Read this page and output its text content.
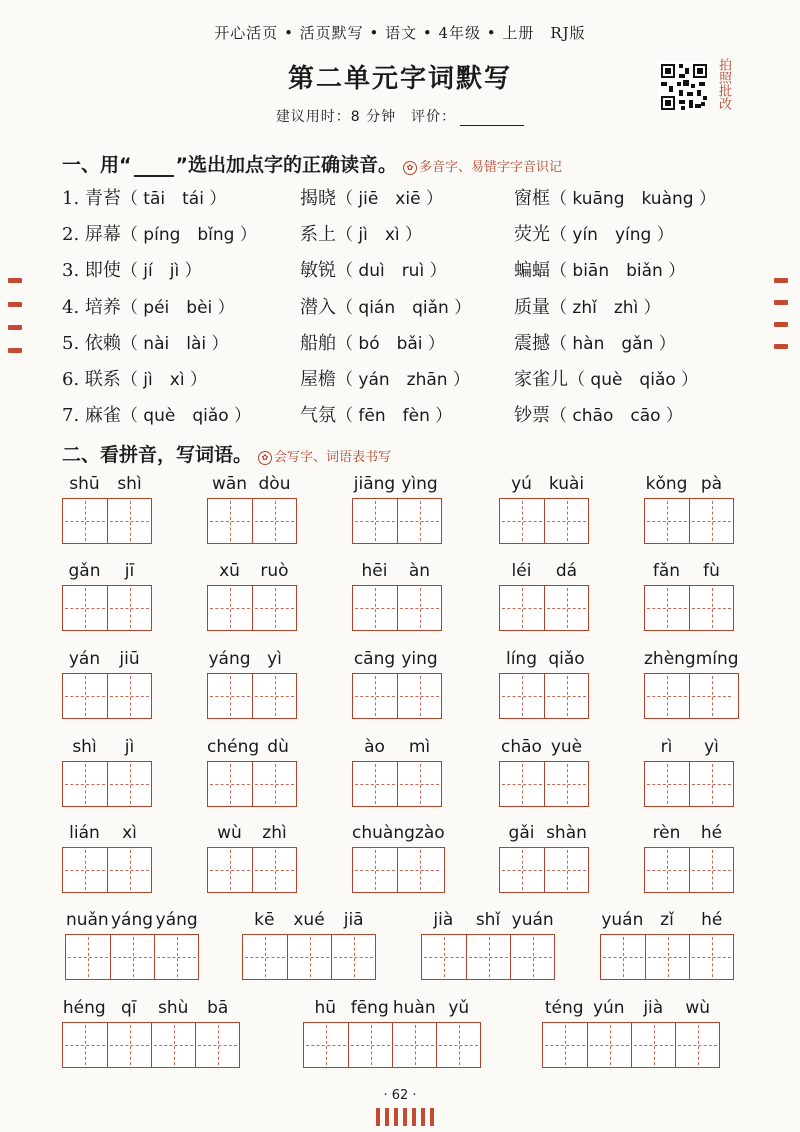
开心活页 • 活页默写 • 语文 • 4年级 • 上册　RJ版
第二单元字词默写
建议用时：8 分钟　评价：
拍照批改
一、用“ ”选出加点字的正确读音。 ✿ 多音字、易错字字音识记
1. 青苔（ tāi　tái ）	揭晓（ jiē　xiē ）	窗框（ kuāng　kuàng ）
2. 屏幕（ píng　bǐng ） 系上（ jì　xì ）	荧光（ yín　yíng ）
3. 即使（ jí　jì ）	敏锐（ duì　ruì ）	蝙蝠（ biān　biǎn ）
4. 培养（ péi　bèi ）	潜入（ qián　qiǎn ） 质量（ zhǐ　zhì ）
5. 依赖（ nài　lài ）	船舶（ bó　bǎi ）	震撼（ hàn　gǎn ）
6. 联系（ jì　xì ）	屋檐（ yán　zhān ） 家雀儿（ què　qiǎo ）
7. 麻雀（ què　qiǎo ）	气氛（ fēn　fèn ）	钞票（ chāo　cāo ）
二、看拼音，写词语。 ✿ 会写字、词语表书写
shū	shì	wān dòu	jiāng yìng	yú kuài	kǒng pà
gǎn	jī	xū	ruò	hēi	àn	léi	dá	fǎn	fù
yán	jiū	yáng yì	cāng ying	líng qiǎo	zhèng míng
shì	jì	chéng dù	ào	mì	chāo yuè	rì	yì
lián	xì	wù	zhì	chuàng zào	gǎi shàn	rèn	hé
nuǎn yáng yáng	kē	xué	jiā	jià	shǐ yuán	yuán zǐ	hé
héng qī	shù	bā	hū fēng huàn yǔ	téng yún	jià	wù
· 62 ·
